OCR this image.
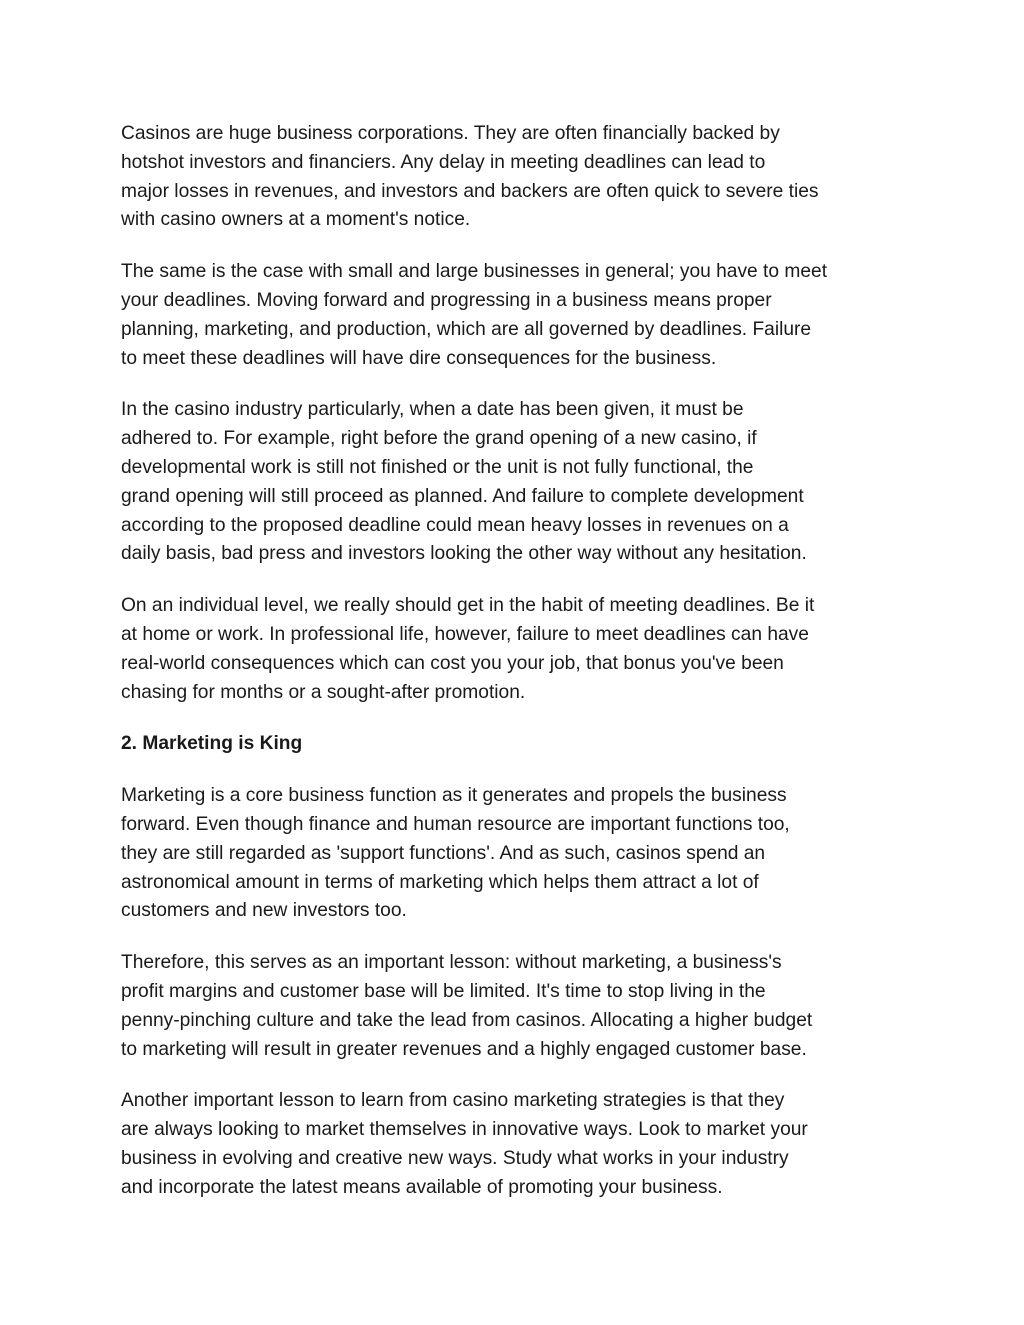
Casinos are huge business corporations. They are often financially backed by
hotshot investors and financiers. Any delay in meeting deadlines can lead to
major losses in revenues, and investors and backers are often quick to severe ties
with casino owners at a moment's notice.

The same is the case with small and large businesses in general; you have to meet
your deadlines. Moving forward and progressing in a business means proper
planning, marketing, and production, which are all governed by deadlines. Failure
to meet these deadlines will have dire consequences for the business.

In the casino industry particularly, when a date has been given, it must be
adhered to. For example, right before the grand opening of a new casino, if
developmental work is still not finished or the unit is not fully functional, the
grand opening will still proceed as planned. And failure to complete development
according to the proposed deadline could mean heavy losses in revenues on a
daily basis, bad press and investors looking the other way without any hesitation.

On an individual level, we really should get in the habit of meeting deadlines. Be it
at home or work. In professional life, however, failure to meet deadlines can have
real-world consequences which can cost you your job, that bonus you've been
chasing for months or a sought-after promotion.

2. Marketing is King

Marketing is a core business function as it generates and propels the business
forward. Even though finance and human resource are important functions too,
they are still regarded as 'support functions'. And as such, casinos spend an
astronomical amount in terms of marketing which helps them attract a lot of
customers and new investors too.

Therefore, this serves as an important lesson: without marketing, a business's
profit margins and customer base will be limited. It's time to stop living in the
penny-pinching culture and take the lead from casinos. Allocating a higher budget
to marketing will result in greater revenues and a highly engaged customer base.

Another important lesson to learn from casino marketing strategies is that they
are always looking to market themselves in innovative ways. Look to market your
business in evolving and creative new ways. Study what works in your industry
and incorporate the latest means available of promoting your business.
